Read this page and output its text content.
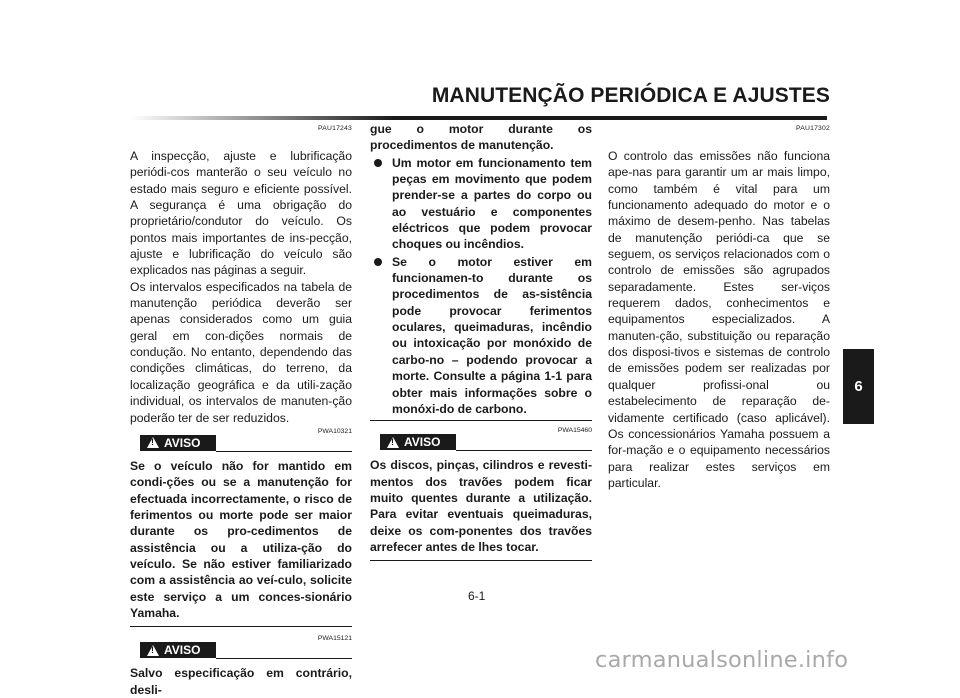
MANUTENÇÃO PERIÓDICA E AJUSTES
6
PAU17243

A inspecção, ajuste e lubrificação periódi-cos manterão o seu veículo no estado mais seguro e eficiente possível. A segurança é uma obrigação do proprietário/condutor do veículo. Os pontos mais importantes de ins-pecção, ajuste e lubrificação do veículo são explicados nas páginas a seguir.

Os intervalos especificados na tabela de manutenção periódica deverão ser apenas considerados como um guia geral em con-dições normais de condução. No entanto, dependendo das condições climáticas, do terreno, da localização geográfica e da utili-zação individual, os intervalos de manuten-ção poderão ter de ser reduzidos.

PWA10321
!
AVISO

Se o veículo não for mantido em condi-ções ou se a manutenção for efectuada incorrectamente, o risco de ferimentos ou morte pode ser maior durante os pro-cedimentos de assistência ou a utiliza-ção do veículo. Se não estiver familiarizado com a assistência ao veí-culo, solicite este serviço a um conces-sionário Yamaha.

PWA15121
!
AVISO

Salvo especificação em contrário, desli-

gue o motor durante os procedimentos de manutenção.

Um motor em funcionamento tem peças em movimento que podem prender-se a partes do corpo ou ao vestuário e componentes eléctricos que podem provocar choques ou incêndios.
Se o motor estiver em funcionamen-to durante os procedimentos de as-sistência pode provocar ferimentos oculares, queimaduras, incêndio ou intoxicação por monóxido de carbo-no – podendo provocar a morte. Consulte a página 1-1 para obter mais informações sobre o monóxi-do de carbono.
PWA15460
!
AVISO

Os discos, pinças, cilindros e revesti-mentos dos travões podem ficar muito quentes durante a utilização. Para evitar eventuais queimaduras, deixe os com-ponentes dos travões arrefecer antes de lhes tocar.

PAU17302

O controlo das emissões não funciona ape-nas para garantir um ar mais limpo, como também é vital para um funcionamento adequado do motor e o máximo de desem-penho. Nas tabelas de manutenção periódi-ca que se seguem, os serviços relacionados com o controlo de emissões são agrupados separadamente. Estes ser-viços requerem dados, conhecimentos e equipamentos especializados. A manuten-ção, substituição ou reparação dos disposi-tivos e sistemas de controlo de emissões podem ser realizadas por qualquer profissi-onal ou estabelecimento de reparação de-vidamente certificado (caso aplicável). Os concessionários Yamaha possuem a for-mação e o equipamento necessários para realizar estes serviços em particular.

6-1
carmanualsonline.info
